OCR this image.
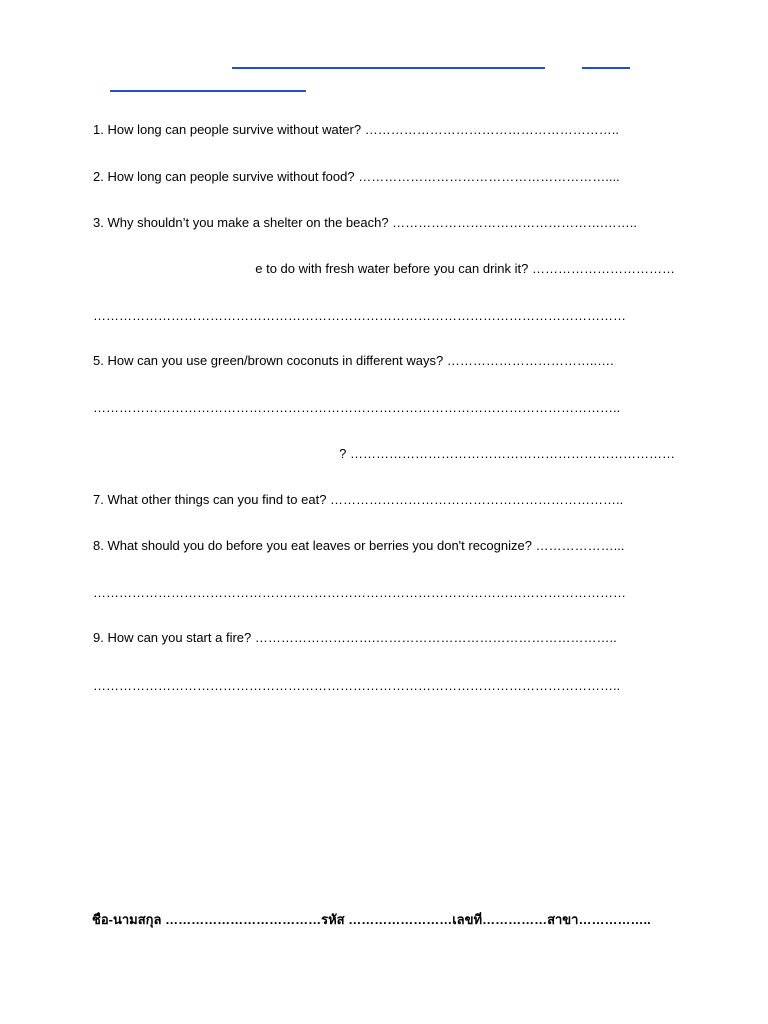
1. How long can people survive without water? …………………………………………………..
2. How long can people survive without food? …………………………………………………....
3. Why shouldn’t you make a shelter on the beach? ………………………………………….……..
e to do with fresh water before you can drink it? ……………………………
……………………………………………………………………………………………………………
5. How can you use green/brown coconuts in different ways? ……………………………..….
…………………………………………………………………………………………………………..
? …………………………………………………………………
7. What other things can you find to eat? …………………………………………………………..
8. What should you do before you eat leaves or berries you don't recognize? ………………...
……………………………………………………………………………………………………………
9. How can you start a fire? ……………………….………………………………………………..
…………………………………………………………………………………………………………..
ชื่อ-นามสกุล ………………………………รหัส ……………………เลขที่……………สาขา……………..
